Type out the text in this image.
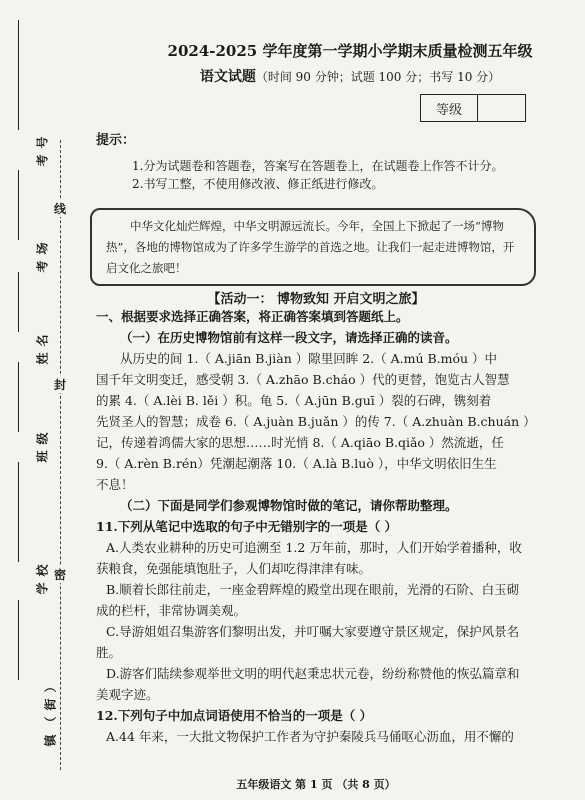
考号
考场
姓名
班级
学校
镇（街）
线
封
密
2024-2025 学年度第一学期小学期末质量检测五年级
语文试题（时间 90 分钟；试题 100 分；书写 10 分）
等级
提示：
1.分为试题卷和答题卷，答案写在答题卷上，在试题卷上作答不计分。
2.书写工整，不使用修改液、修正纸进行修改。
中华文化灿烂辉煌，中华文明源远流长。今年，全国上下掀起了一场“博物热”，各地的博物馆成为了许多学生游学的首选之地。让我们一起走进博物馆，开启文化之旅吧！
【活动一： 博物致知 开启文明之旅】

一、根据要求选择正确答案，将正确答案填到答题纸上。

（一）在历史博物馆前有这样一段文字，请选择正确的读音。

从历史的间 1.（ A.jiān B.jiàn ）隙里回眸 2.（ A.mú B.móu ）中

国千年文明变迁，感受朝 3.（ A.zhāo B.cháo ）代的更替，饱览古人智慧

的累 4.（ A.lèi B. lěi ）积。龟 5.（ A.jūn B.guī ）裂的石碑，镌刻着

先贤圣人的智慧；成卷 6.（ A.juàn B.juǎn ）的传 7.（ A.zhuàn B.chuán ）

记，传递着鸿儒大家的思想……时光悄 8.（ A.qiāo B.qiǎo ）然流逝，任

9.（ A.rèn B.rén）凭潮起潮落 10.（ A.là B.luò ），中华文明依旧生生

不息！

（二）下面是同学们参观博物馆时做的笔记，请你帮助整理。

11.下列从笔记中选取的句子中无错别字的一项是（ ）

A.人类农业耕种的历史可追溯至 1.2 万年前，那时，人们开始学着播种，收

获粮食，免强能填饱肚子，人们却吃得津津有味。

B.顺着长郎往前走，一座金碧辉煌的殿堂出现在眼前，光滑的石阶、白玉砌

成的栏杆，非常协调美观。

C.导游姐姐召集游客们黎明出发，并叮嘱大家要遵守景区规定，保护风景名

胜。

D.游客们陆续参观举世文明的明代赵秉忠状元卷，纷纷称赞他的恢弘篇章和

美观字迹。

12.下列句子中加点词语使用不恰当的一项是（ ）

A.44 年来，一大批文物保护工作者为守护秦陵兵马俑呕心沥血，用不懈的

五年级语文 第 1 页 （共 8 页）
